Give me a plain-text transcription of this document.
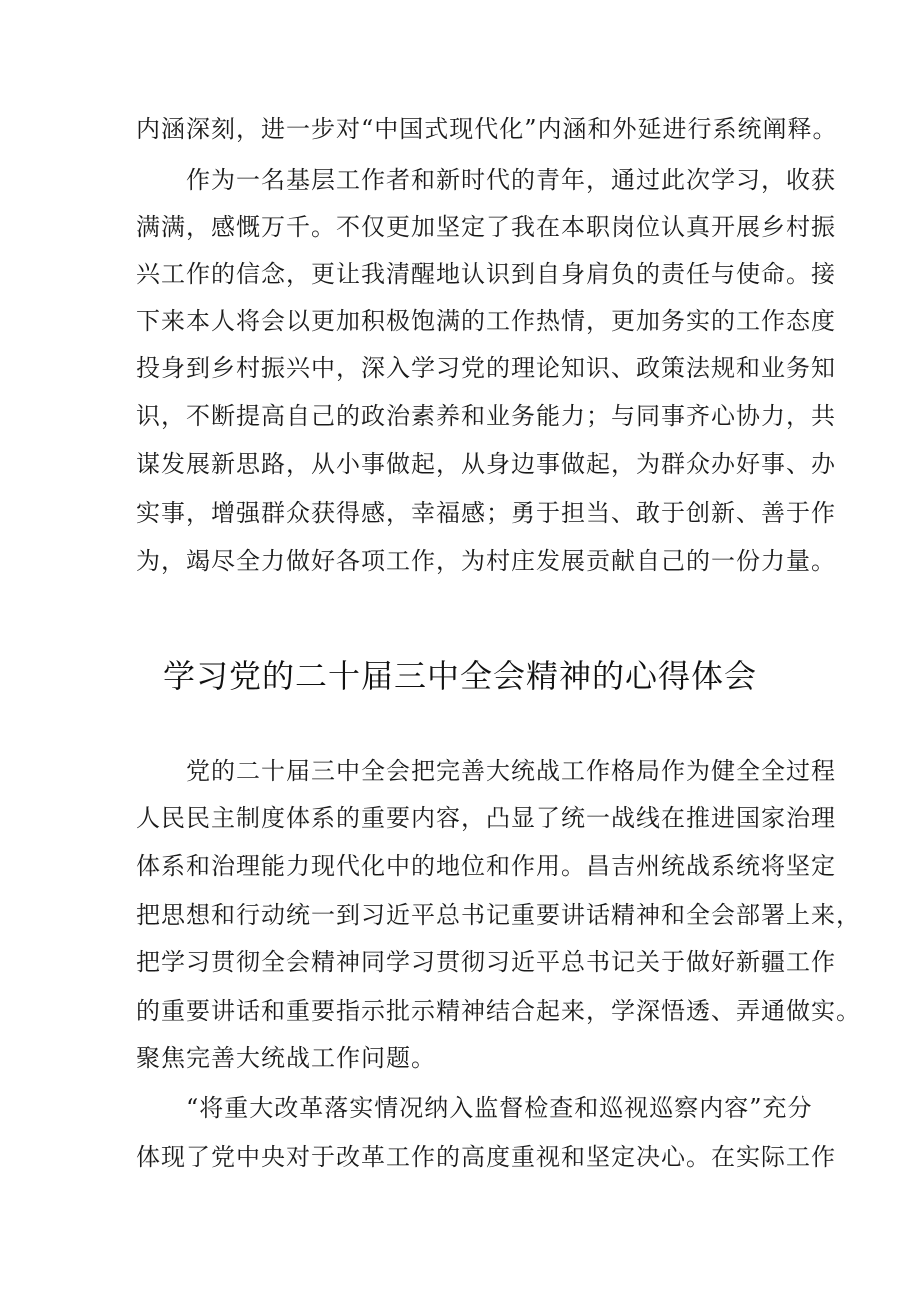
内涵深刻，进一步对“中国式现代化”内涵和外延进行系统阐释。
　　作为一名基层工作者和新时代的青年，通过此次学习，收获
满满，感慨万千。不仅更加坚定了我在本职岗位认真开展乡村振
兴工作的信念，更让我清醒地认识到自身肩负的责任与使命。接
下来本人将会以更加积极饱满的工作热情，更加务实的工作态度
投身到乡村振兴中，深入学习党的理论知识、政策法规和业务知
识，不断提高自己的政治素养和业务能力；与同事齐心协力，共
谋发展新思路，从小事做起，从身边事做起，为群众办好事、办
实事，增强群众获得感，幸福感；勇于担当、敢于创新、善于作
为，竭尽全力做好各项工作，为村庄发展贡献自己的一份力量。
学习党的二十届三中全会精神的心得体会
　　党的二十届三中全会把完善大统战工作格局作为健全全过程
人民民主制度体系的重要内容，凸显了统一战线在推进国家治理
体系和治理能力现代化中的地位和作用。昌吉州统战系统将坚定
把思想和行动统一到习近平总书记重要讲话精神和全会部署上来，
把学习贯彻全会精神同学习贯彻习近平总书记关于做好新疆工作
的重要讲话和重要指示批示精神结合起来，学深悟透、弄通做实。
聚焦完善大统战工作问题。
　　“将重大改革落实情况纳入监督检查和巡视巡察内容”充分
体现了党中央对于改革工作的高度重视和坚定决心。在实际工作
